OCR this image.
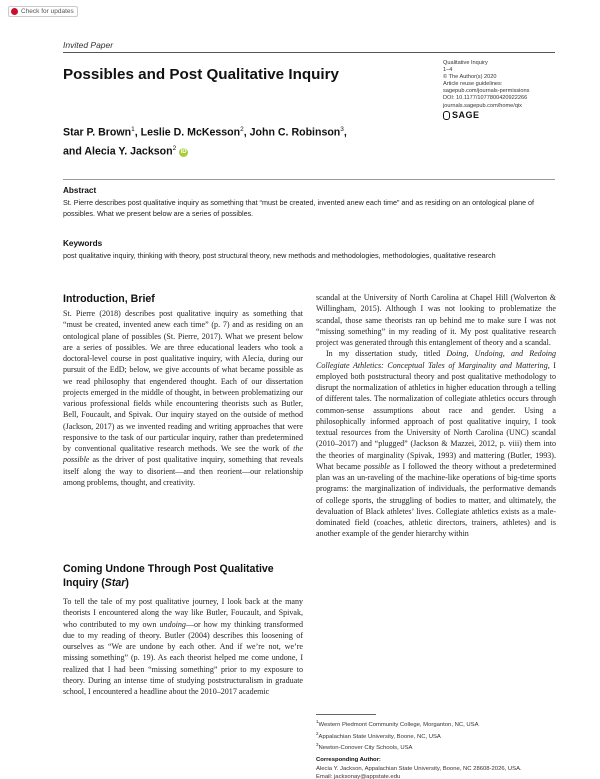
Check for updates
Invited Paper
Qualitative Inquiry
1–4
© The Author(s) 2020
Article reuse guidelines:
sagepub.com/journals-permissions
DOI: 10.1177/1077800420922266
journals.sagepub.com/home/qix
SAGE
Possibles and Post Qualitative Inquiry
Star P. Brown$^1$, Leslie D. McKesson$^2$, John C. Robinson$^3$,
and Alecia Y. Jackson$^2$ iD
Abstract
St. Pierre describes post qualitative inquiry as something that “must be created, invented anew each time” and as residing on an ontological plane of possibles. What we present below are a series of possibles.
Keywords
post qualitative inquiry, thinking with theory, post structural theory, new methods and methodologies, methodologies, qualitative research
Introduction, Brief

St. Pierre (2018) describes post qualitative inquiry as something that “must be created, invented anew each time” (p. 7) and as residing on an ontological plane of possibles (St. Pierre, 2017). What we present below are a series of possibles. We are three educational leaders who took a doctoral-level course in post qualitative inquiry, with Alecia, during our pursuit of the EdD; below, we give accounts of what became possible as we read philosophy that engendered thought. Each of our dissertation projects emerged in the middle of thought, in between problematizing our various professional fields while encountering theorists such as Butler, Bell, Foucault, and Spivak. Our inquiry stayed on the outside of method (Jackson, 2017) as we invented reading and writing approaches that were responsive to the task of our particular inquiry, rather than predetermined by conventional qualitative research methods. We see the work of the possible as the driver of post qualitative inquiry, something that reveals itself along the way to disorient—and then reorient—our relationship among problems, thought, and creativity.

Coming Undone Through Post Qualitative Inquiry (Star)

To tell the tale of my post qualitative journey, I look back at the many theorists I encountered along the way like Butler, Foucault, and Spivak, who contributed to my own undoing—or how my thinking transformed due to my reading of theory. Butler (2004) describes this loosening of ourselves as “We are undone by each other. And if we’re not, we’re missing something” (p. 19). As each theorist helped me come undone, I realized that I had been “missing something” prior to my exposure to theory. During an intense time of studying poststructuralism in graduate school, I encountered a headline about the 2010–2017 academic

scandal at the University of North Carolina at Chapel Hill (Wolverton & Willingham, 2015). Although I was not looking to problematize the scandal, those same theorists ran up behind me to make sure I was not “missing something” in my reading of it. My post qualitative research project was generated through this entanglement of theory and a scandal.

In my dissertation study, titled Doing, Undoing, and Redoing Collegiate Athletics: Conceptual Tales of Marginality and Mattering, I employed both poststructural theory and post qualitative methodology to disrupt the normalization of athletics in higher education through a telling of different tales. The normalization of collegiate athletics occurs through common-sense assumptions about race and gender. Using a philosophically informed approach of post qualitative inquiry, I took textual resources from the University of North Carolina (UNC) scandal (2010–2017) and “plugged” (Jackson & Mazzei, 2012, p. viii) them into the theories of marginality (Spivak, 1993) and mattering (Butler, 1993). What became possible as I followed the theory without a predetermined plan was an un-raveling of the machine-like operations of big-time sports programs: the marginalization of individuals, the performative demands of college sports, the struggling of bodies to matter, and ultimately, the devaluation of Black athletes’ lives. Collegiate athletics exists as a male-dominated field (coaches, athletic directors, trainers, athletes) and is another example of the gender hierarchy within

$^1$Western Piedmont Community College, Morganton, NC, USA
$^2$Appalachian State University, Boone, NC, USA
$^3$Newton-Conover City Schools, USA
Corresponding Author:
Alecia Y. Jackson, Appalachian State University, Boone, NC 28608-2026, USA.
Email: jacksonay@appstate.edu
